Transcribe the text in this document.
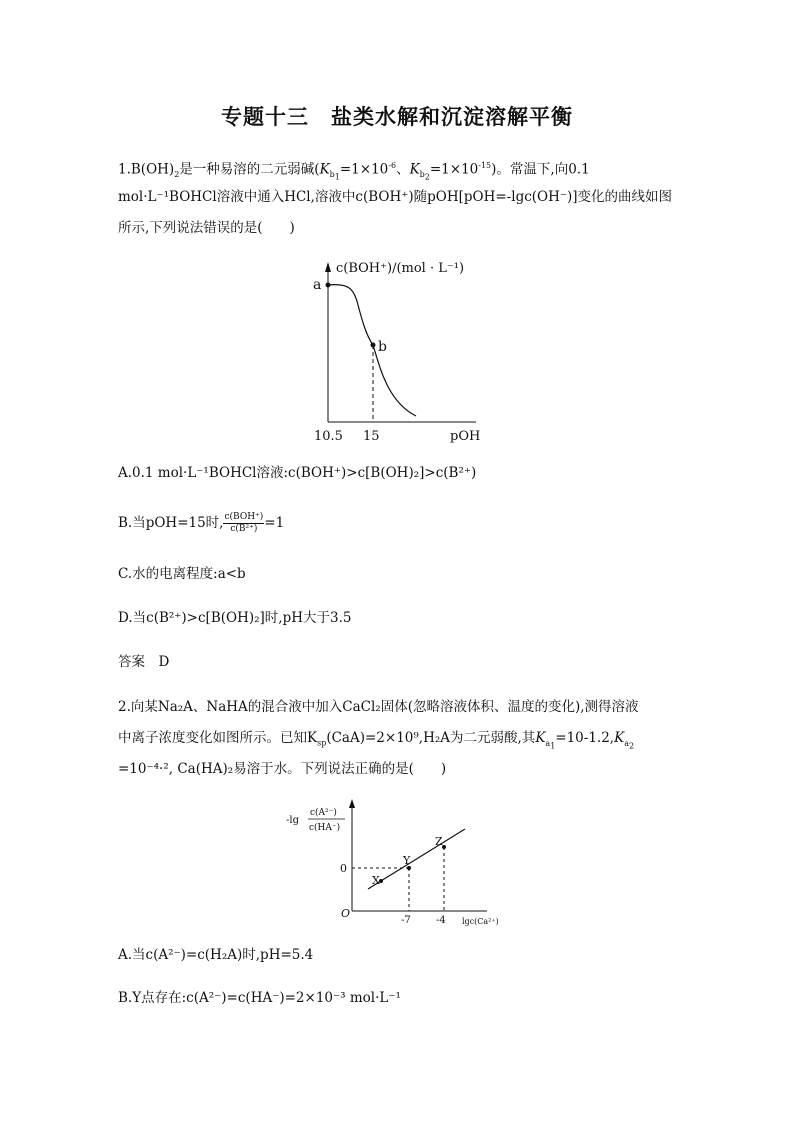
专题十三　盐类水解和沉淀溶解平衡
$1.B(OH)_2$是一种易溶的二元弱碱($K_{b_1}=1\times 10^{-6}$、$K_{b_2}=1\times 10^{-15}$)。常温下,向0.1
mol·L⁻¹BOHCl溶液中通入HCl,溶液中c(BOH⁺)随pOH[pOH=-lgc(OH⁻)]变化的曲线如图
所示,下列说法错误的是(　　)
c(BOH⁺)/(mol · L⁻¹)
a
b
10.5 15	pOH
A.0.1 mol·L⁻¹BOHCl溶液:c(BOH⁺)>c[B(OH)₂]>c(B²⁺)
B.当pOH=15时, $\frac{\text{c(BOH⁺)}}{\text{c(B²⁺)}} =1$
C.水的电离程度:a<b
D.当c(B²⁺)>c[B(OH)₂]时,pH大于3.5
答案　D
2.向某Na₂A、NaHA的混合液中加入CaCl₂固体(忽略溶液体积、温度的变化),测得溶液
中离子浓度变化如图所示。已知$K_{sp}(CaA)=2\times 10^9,H_2A$为二元弱酸,其$K_{a_1}=10-1.2,K_{a_2}$
=10⁻⁴·², Ca(HA)₂易溶于水。下列说法正确的是(　　)
-lg
c(A²⁻)
c(HA⁻)
0
O
X
Y
Z
-7	-4 lgc(Ca²⁺)
A.当c(A²⁻)=c(H₂A)时,pH=5.4
B.Y点存在:c(A²⁻)=c(HA⁻)=2×10⁻³ mol·L⁻¹
